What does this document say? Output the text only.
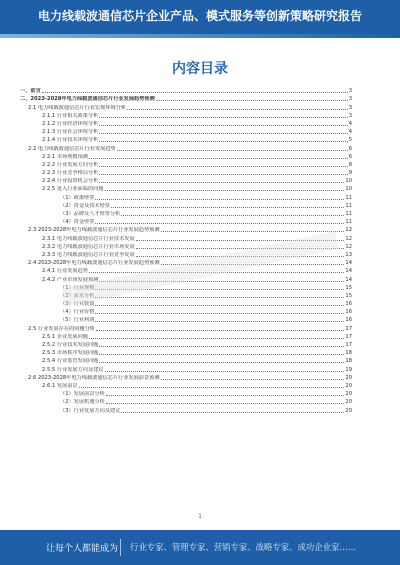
电力线载波通信芯片企业产品、模式服务等创新策略研究报告
内容目录
一、前言	3
二、2023-2028年电力线载波通信芯片行业发展趋势预测	3
2.1 电力线载波通信芯片行业宏观环境分析	3
2.1.1 行业相关政策分析	3
2.1.2 行业经济环境分析	4
2.1.3 行业社会环境分析	4
2.1.4 行业技术环境分析	5
2.2 电力线载波通信芯片行业发展趋势	6
2.2.1 市场规模预测	6
2.2.2 行业发展方向分析	8
2.2.3 行业竞争格局分析	9
2.2.4 行业投资机会分析	10
2.2.5 进入行业面临的问题	10
（1）政策壁垒	11
（2）资金及技术壁垒	11
（3）品牌及人才壁垒分析	11
（4）资金壁垒	11
2.3 2023-2028年电力线载波通信芯片行业发展趋势预测	12
2.3.1 电力线载波通信芯片行业技术发展	12
2.3.2 电力线载波通信芯片行业市场发展	12
2.3.3 电力线载波通信芯片行业竞争发展	13
2.4 2023-2028年电力线载波通信芯片行业发展趋势预测	14
2.4.1 行业发展趋势	14
2.4.2 产业市场发展预测	14
（1）行业规模	15
（2）需求分析	15
（3）行业数量	16
（4）行业价格	16
（5）行业利润	16
2.5 行业发展存在的问题分析	17
2.5.1 企业发展问题	17
2.5.2 行业技术发展问题	17
2.5.3 市场秩序发展问题	18
2.5.4 行业监管发展问题	18
2.5.5 行业发展方向及建议	19
2.6 2023-2028年电力线载波通信芯片行业发展前景预测	20
2.6.1 发展前景	20
（1）发展前景分析	20
（2）发展机遇分析	20
（3）行业发展方向及建议	20
1
让每个人都能成为 行业专家、管理专家、营销专家、战略专家、成功企业家……
